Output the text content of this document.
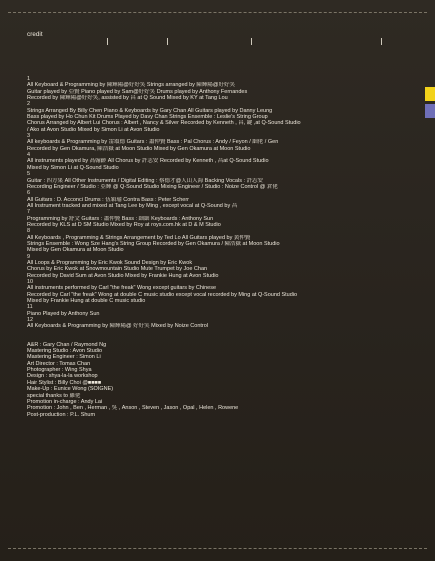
credit
1
All Keyboard & Programming by 陳輝陽@好好笑 Strings arranged by 陳輝陽@好好笑
Guitar played by 亞賢 Piano played by Sam@好好笑 Drums played by Anthony Fernandes
Recorded by 陳輝陽@好好笑, assisted by 昌 at Q Sound Mixed by KY at Tang Lou
2
Strings Arranged By Billy Chen Piano & Keyboards by Gary Chan All Guitars played by Danny Leung
Bass played by Ho Chun Kit Drums Played by Davy Chan Strings Ensemble : Leslie's String Group
Chorus Arranged by Albert Lui Chorus : Albert , Nancy & Silver Recorded by Kenneth , 昌, 鍵 ,at Q-Sound Studio
/ Ako at Avon Studio Mixed by Simon Li at Avon Studio
3
All keyboards & Programming by 雷頌德 Guitars : 蕭仲賢 Bass : Pal Chorus : Andy / Feyon / 細佬 / Gen
Recorded by Gen Okamura, 陳浩嶽 at Moon Studio Mixed by Gen Okamura at Moon Studio
4
All instruments played by 高翰齡 All Chorus by 許志安 Recorded by Kenneth , 昌at Q-Sound Studio
Mixed by Simon Li at Q-Sound Studio
5
Guitar : 四方果 All Other Instruments / Digital Editing : 蔡德才@人山人海 Backing Vocals : 許志安
Recording Engineer / Studio : 亞輝 @ Q-Sound Studio Mixing Engineer / Studio : Noize Control @ 倉佬
6
All Guitars : D. Acconci Drums : 伍穎瑜 Contra Bass : Peter Scherr
All Instrument tracked and mixed at Tang Lee by Ming , except vocal at Q-Sound by 昌
7
Programming by 舒文 Guitars : 蕭仲賢 Bass : 細細 Keyboards : Anthony Sun
Recorded by KLS at D SM Studio Mixed by Roy at roys.com.hk at D & M Studio
8
All Keyboards , Programming & Strings Arrangement by Ted Lo All Guitars played by 黃仲賢
Strings Ensemble : Wong Sze Hang's String Group Recorded by Gen Okamura / 陳浩嶽 at Moon Studio
Mixed by Gen Okamura at Moon Studio
9
All Loops & Programming by Eric Kwok Sound Design by Eric Kwok
Chorus by Eric Kwok at Snowmountain Studio Mute Trumpet by Joe Chan
Recorded by David Sum at Avon Studio Mixed by Frankie Hung at Avon Studio
10
All instruments performed by Carl "the freak" Wong except guitars by Chinese
Recorded by Carl "the freak" Wong at double C music studio except vocal recorded by Ming at Q-Sound Studio
Mixed by Frankie Hung at double C music studio
11
Piano Played by Anthony Sun
12
All Keyboards & Programming by 陳輝陽@ 好好笑 Mixed by Noize Control
A&R : Gary Chan / Raymond Ng
Mastering Studio : Avon Studio
Mastering Engineer : Simon Li
Art Director : Tomas Chan
Photographer : Wing Shya
Design : shya-la-la workshop
Hair Stylist : Billy Choi @■■■■
Make-Up : Eunice Wong (SOIGNE)
special thanks to 雞佬
Promotion in-charge : Andy Lai
Promotion : John , Ben , Herman , 吳 , Anson , Steven , Jason , Opal , Helen , Rowene
Post-production : P.L. Shum
